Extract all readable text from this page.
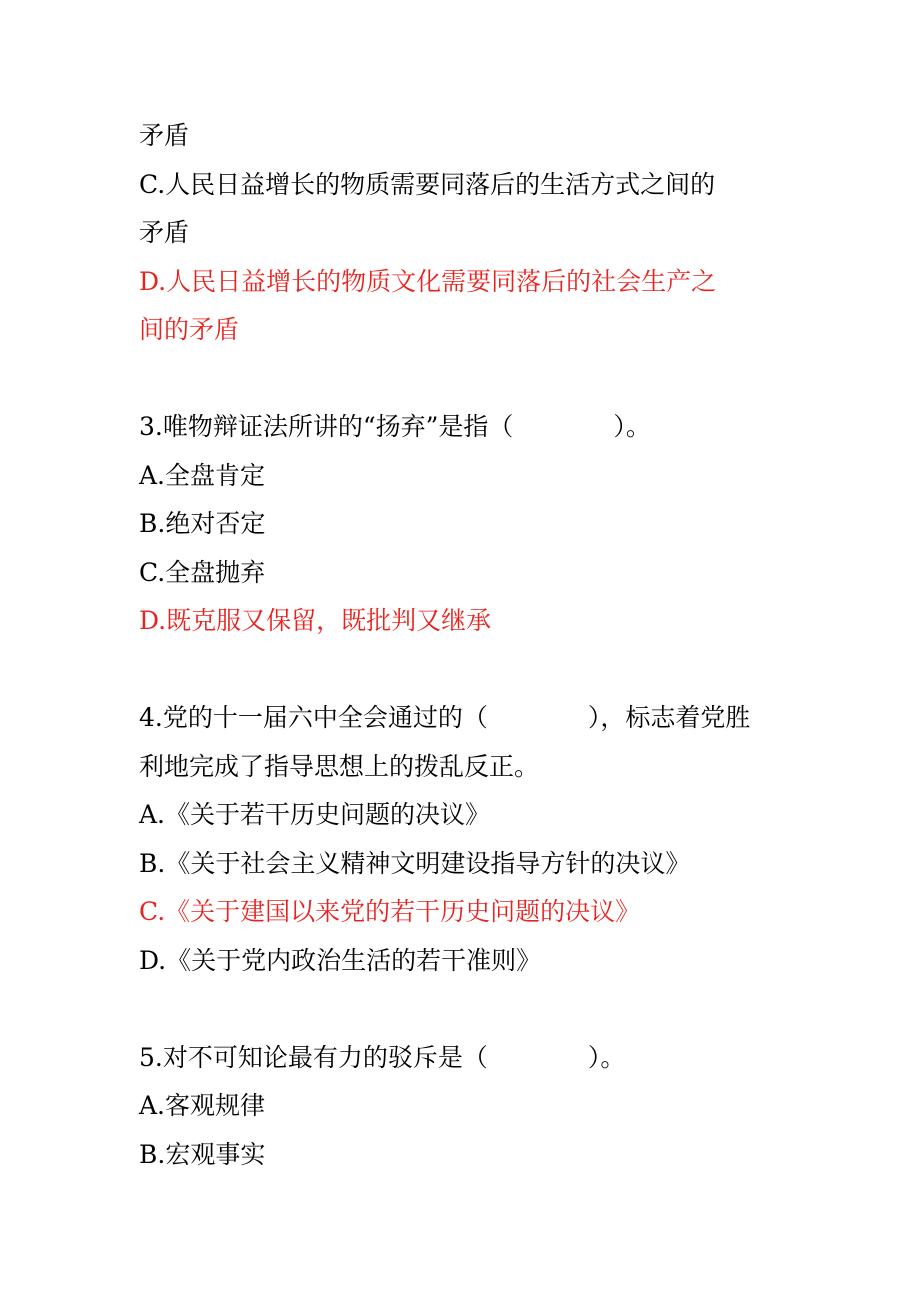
矛盾
C.人民日益增长的物质需要同落后的生活方式之间的
矛盾
D.人民日益增长的物质文化需要同落后的社会生产之
间的矛盾
3.唯物辩证法所讲的“扬弃”是指（　　　　）。
A.全盘肯定
B.绝对否定
C.全盘抛弃
D.既克服又保留，既批判又继承
4.党的十一届六中全会通过的（　　　　），标志着党胜
利地完成了指导思想上的拨乱反正。
A.《关于若干历史问题的决议》
B.《关于社会主义精神文明建设指导方针的决议》
C.《关于建国以来党的若干历史问题的决议》
D.《关于党内政治生活的若干准则》
5.对不可知论最有力的驳斥是（　　　　）。
A.客观规律
B.宏观事实
